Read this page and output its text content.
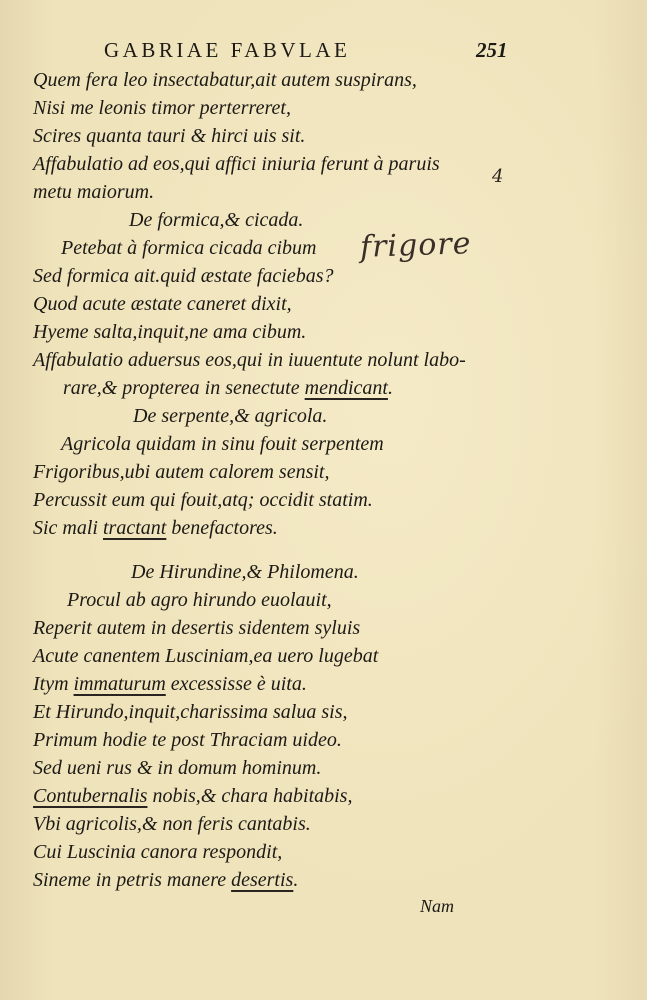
GABRIAE FABVLAE	251
Quem fera leo insectabatur,ait autem suspirans,
Nisi me leonis timor perterreret,
Scires quanta tauri & hirci uis sit.
Affabulatio ad eos,qui affici iniuria ferunt à paruis
metu maiorum.
De formica,& cicada.
Petebat à formica cicada cibum
Sed formica ait.quid æstate faciebas?
Quod acute æstate caneret dixit,
Hyeme salta,inquit,ne ama cibum.
Affabulatio aduersus eos,qui in iuuentute nolunt labo-
rare,& propterea in senectute mendicant.
De serpente,& agricola.
Agricola quidam in sinu fouit serpentem
Frigoribus,ubi autem calorem sensit,
Percussit eum qui fouit,atq; occidit statim.
Sic mali tractant benefactores.
De Hirundine,& Philomena.
Procul ab agro hirundo euolauit,
Reperit autem in desertis sidentem syluis
Acute canentem Lusciniam,ea uero lugebat
Itym immaturum excessisse è uita.
Et Hirundo,inquit,charissima salua sis,
Primum hodie te post Thraciam uideo.
Sed ueni rus & in domum hominum.
Contubernalis nobis,& chara habitabis,
Vbi agricolis,& non feris cantabis.
Cui Luscinia canora respondit,
Sineme in petris manere desertis.
frigore
4
Nam
